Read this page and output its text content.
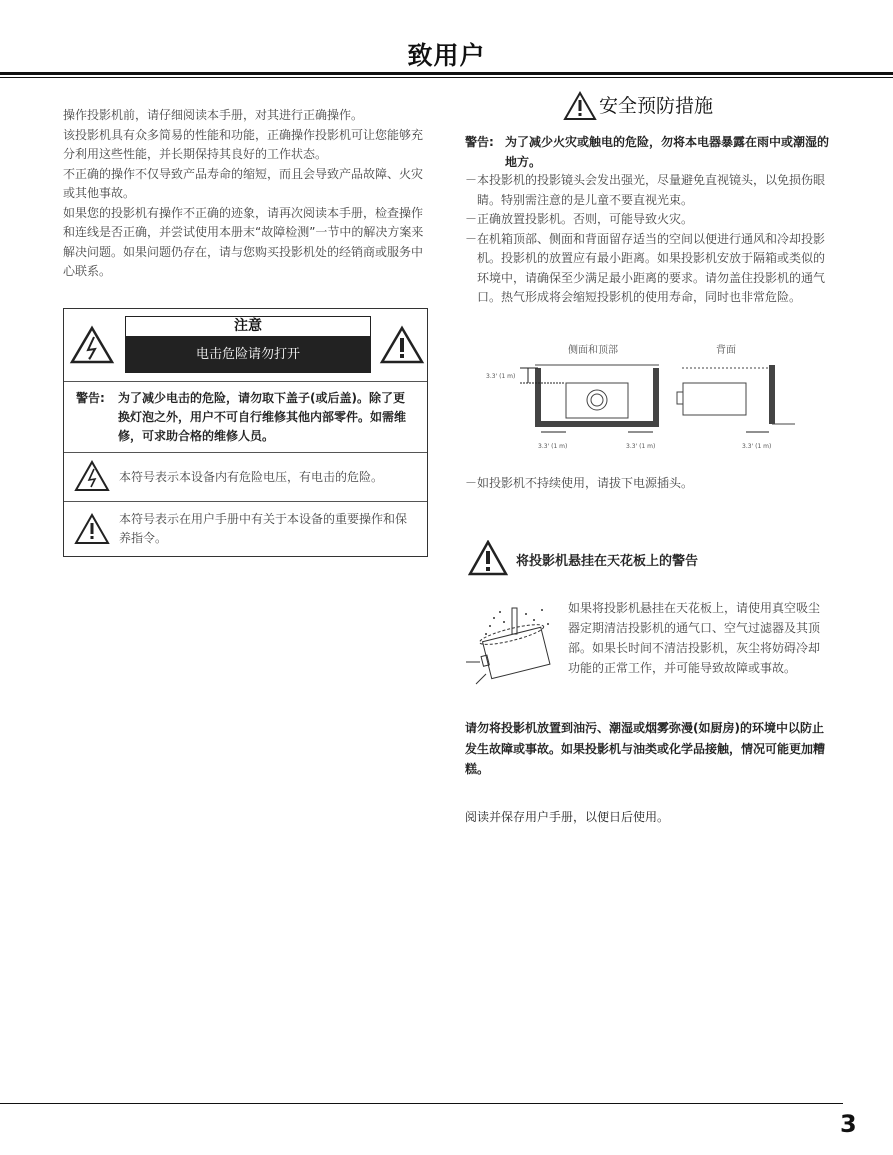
致用户

操作投影机前，请仔细阅读本手册，对其进行正确操作。

该投影机具有众多简易的性能和功能，正确操作投影机可让您能够充分利用这些性能，并长期保持其良好的工作状态。

不正确的操作不仅导致产品寿命的缩短，而且会导致产品故障、火灾或其他事故。

如果您的投影机有操作不正确的迹象，请再次阅读本手册，检查操作和连线是否正确，并尝试使用本册末“故障检测”一节中的解决方案来解决问题。如果问题仍存在，请与您购买投影机处的经销商或服务中心联系。

注意
电击危险请勿打开
警告: 为了减少电击的危险，请勿取下盖子(或后盖)。除了更换灯泡之外，用户不可自行维修其他内部零件。如需维修，可求助合格的维修人员。
本符号表示本设备内有危险电压，有电击的危险。
本符号表示在用户手册中有关于本设备的重要操作和保养指令。
安全预防措施
警告: 为了减少火灾或触电的危险，勿将本电器暴露在雨中或潮湿的地方。
－本投影机的投影镜头会发出强光，尽量避免直视镜头，以免损伤眼睛。特别需注意的是儿童不要直视光束。
－正确放置投影机。否则，可能导致火灾。
－在机箱顶部、侧面和背面留存适当的空间以便进行通风和冷却投影机。投影机的放置应有最小距离。如果投影机安放于隔箱或类似的环境中，请确保至少满足最小距离的要求。请勿盖住投影机的通气口。热气形成将会缩短投影机的使用寿命，同时也非常危险。
侧面和顶部	背面
3.3' (1 m)
3.3' (1 m)	3.3' (1 m)	3.3' (1 m)
－如投影机不持续使用，请拔下电源插头。
将投影机悬挂在天花板上的警告
如果将投影机悬挂在天花板上，请使用真空吸尘器定期清洁投影机的通气口、空气过滤器及其顶部。如果长时间不清洁投影机，灰尘将妨碍冷却功能的正常工作，并可能导致故障或事故。
请勿将投影机放置到油污、潮湿或烟雾弥漫(如厨房)的环境中以防止发生故障或事故。如果投影机与油类或化学品接触，情况可能更加糟糕。
阅读并保存用户手册，以便日后使用。
3
